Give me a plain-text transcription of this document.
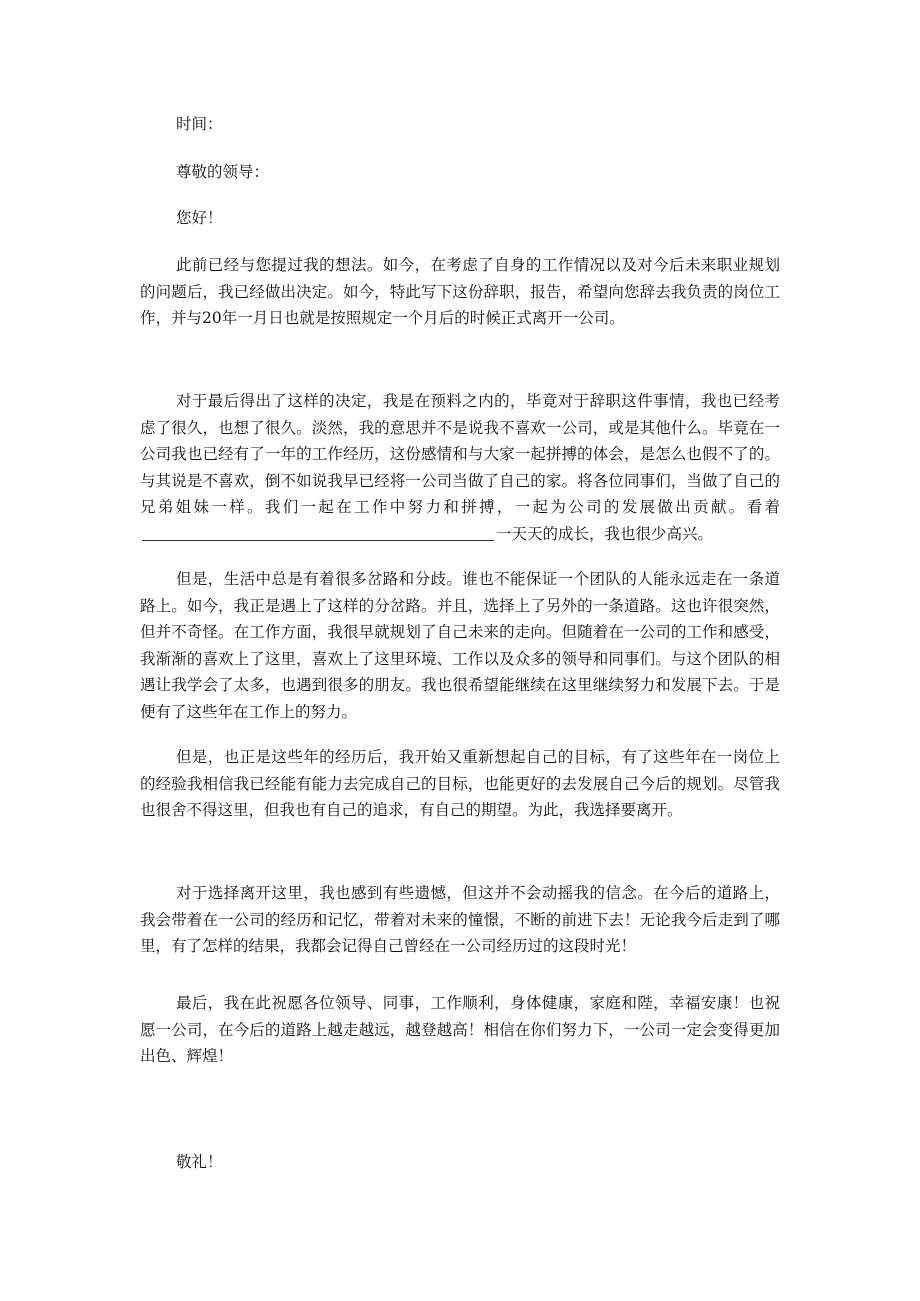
时间：
尊敬的领导：
您好！

此前已经与您提过我的想法。如今，在考虑了自身的工作情况以及对今后未来职业规划的问题后，我已经做出决定。如今，特此写下这份辞职，报告，希望向您辞去我负责的岗位工作，并与20年一月日也就是按照规定一个月后的时候正式离开一公司。

对于最后得出了这样的决定，我是在预料之内的，毕竟对于辞职这件事情，我也已经考虑了很久，也想了很久。淡然，我的意思并不是说我不喜欢一公司，或是其他什么。毕竟在一公司我也已经有了一年的工作经历，这份感情和与大家一起拼搏的体会，是怎么也假不了的。与其说是不喜欢，倒不如说我早已经将一公司当做了自己的家。将各位同事们，当做了自己的兄弟姐妹一样。我们一起在工作中努力和拼搏，一起为公司的发展做出贡献。看着一天天的成长，我也很少高兴。

但是，生活中总是有着很多岔路和分歧。谁也不能保证一个团队的人能永远走在一条道路上。如今，我正是遇上了这样的分岔路。并且，选择上了另外的一条道路。这也许很突然，但并不奇怪。在工作方面，我很早就规划了自己未来的走向。但随着在一公司的工作和感受，我渐渐的喜欢上了这里，喜欢上了这里环境、工作以及众多的领导和同事们。与这个团队的相遇让我学会了太多，也遇到很多的朋友。我也很希望能继续在这里继续努力和发展下去。于是便有了这些年在工作上的努力。

但是，也正是这些年的经历后，我开始又重新想起自己的目标，有了这些年在一岗位上的经验我相信我已经能有能力去完成自己的目标，也能更好的去发展自己今后的规划。尽管我也很舍不得这里，但我也有自己的追求，有自己的期望。为此，我选择要离开。

对于选择离开这里，我也感到有些遗憾，但这并不会动摇我的信念。在今后的道路上，我会带着在一公司的经历和记忆，带着对未来的憧憬，不断的前进下去！无论我今后走到了哪里，有了怎样的结果，我都会记得自己曾经在一公司经历过的这段时光！

最后，我在此祝愿各位领导、同事，工作顺利，身体健康，家庭和陛，幸福安康！也祝愿一公司，在今后的道路上越走越远，越登越高！相信在你们努力下，一公司一定会变得更加出色、辉煌！

敬礼！
